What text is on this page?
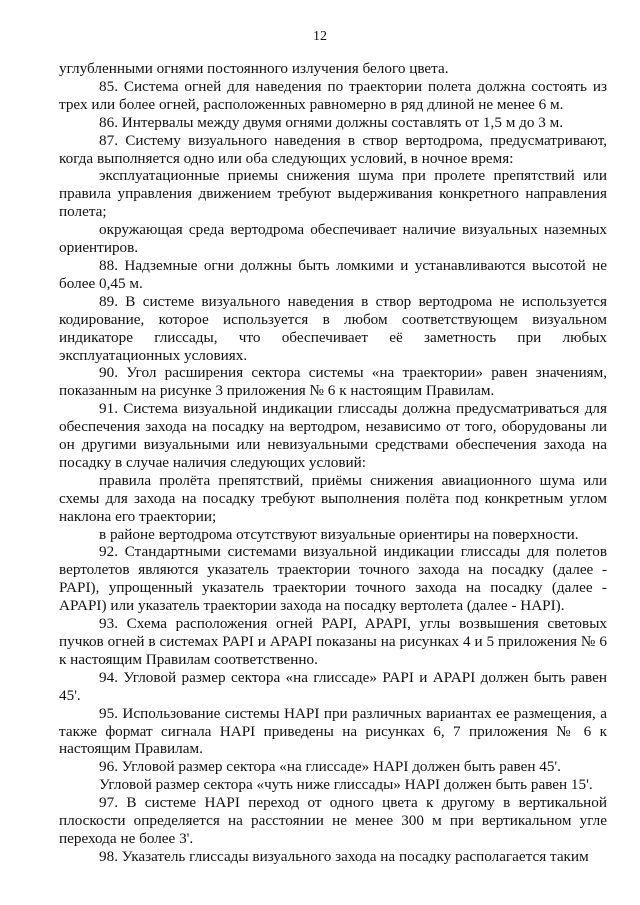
12

углубленными огнями постоянного излучения белого цвета.

85. Система огней для наведения по траектории полета должна состоять из трех или более огней, расположенных равномерно в ряд длиной не менее 6 м.

86. Интервалы между двумя огнями должны составлять от 1,5 м до 3 м.

87. Систему визуального наведения в створ вертодрома, предусматривают, когда выполняется одно или оба следующих условий, в ночное время:

эксплуатационные приемы снижения шума при пролете препятствий или правила управления движением требуют выдерживания конкретного направления полета;

окружающая среда вертодрома обеспечивает наличие визуальных наземных ориентиров.

88. Надземные огни должны быть ломкими и устанавливаются высотой не более 0,45 м.

89. В системе визуального наведения в створ вертодрома не используется кодирование, которое используется в любом соответствующем визуальном индикаторе глиссады, что обеспечивает её заметность при любых эксплуатационных условиях.

90. Угол расширения сектора системы «на траектории» равен значениям, показанным на рисунке 3 приложения № 6 к настоящим Правилам.

91. Система визуальной индикации глиссады должна предусматриваться для обеспечения захода на посадку на вертодром, независимо от того, оборудованы ли он другими визуальными или невизуальными средствами обеспечения захода на посадку в случае наличия следующих условий:

правила пролёта препятствий, приёмы снижения авиационного шума или схемы для захода на посадку требуют выполнения полёта под конкретным углом наклона его траектории;

в районе вертодрома отсутствуют визуальные ориентиры на поверхности.

92. Стандартными системами визуальной индикации глиссады для полетов вертолетов являются указатель траектории точного захода на посадку (далее - PAPI), упрощенный указатель траектории точного захода на посадку (далее - APAPI) или указатель траектории захода на посадку вертолета (далее - HAPI).

93. Схема расположения огней PAPI, APAPI, углы возвышения световых пучков огней в системах PAPI и APAPI показаны на рисунках 4 и 5 приложения № 6 к настоящим Правилам соответственно.

94. Угловой размер сектора «на глиссаде» PAPI и APAPI должен быть равен 45'.

95. Использование системы HAPI при различных вариантах ее размещения, а также формат сигнала HAPI приведены на рисунках 6, 7 приложения № 6 к настоящим Правилам.

96. Угловой размер сектора «на глиссаде» HAPI должен быть равен 45'.

Угловой размер сектора «чуть ниже глиссады» HAPI должен быть равен 15'.

97. В системе HAPI переход от одного цвета к другому в вертикальной плоскости определяется на расстоянии не менее 300 м при вертикальном угле перехода не более 3'.

98. Указатель глиссады визуального захода на посадку располагается таким
